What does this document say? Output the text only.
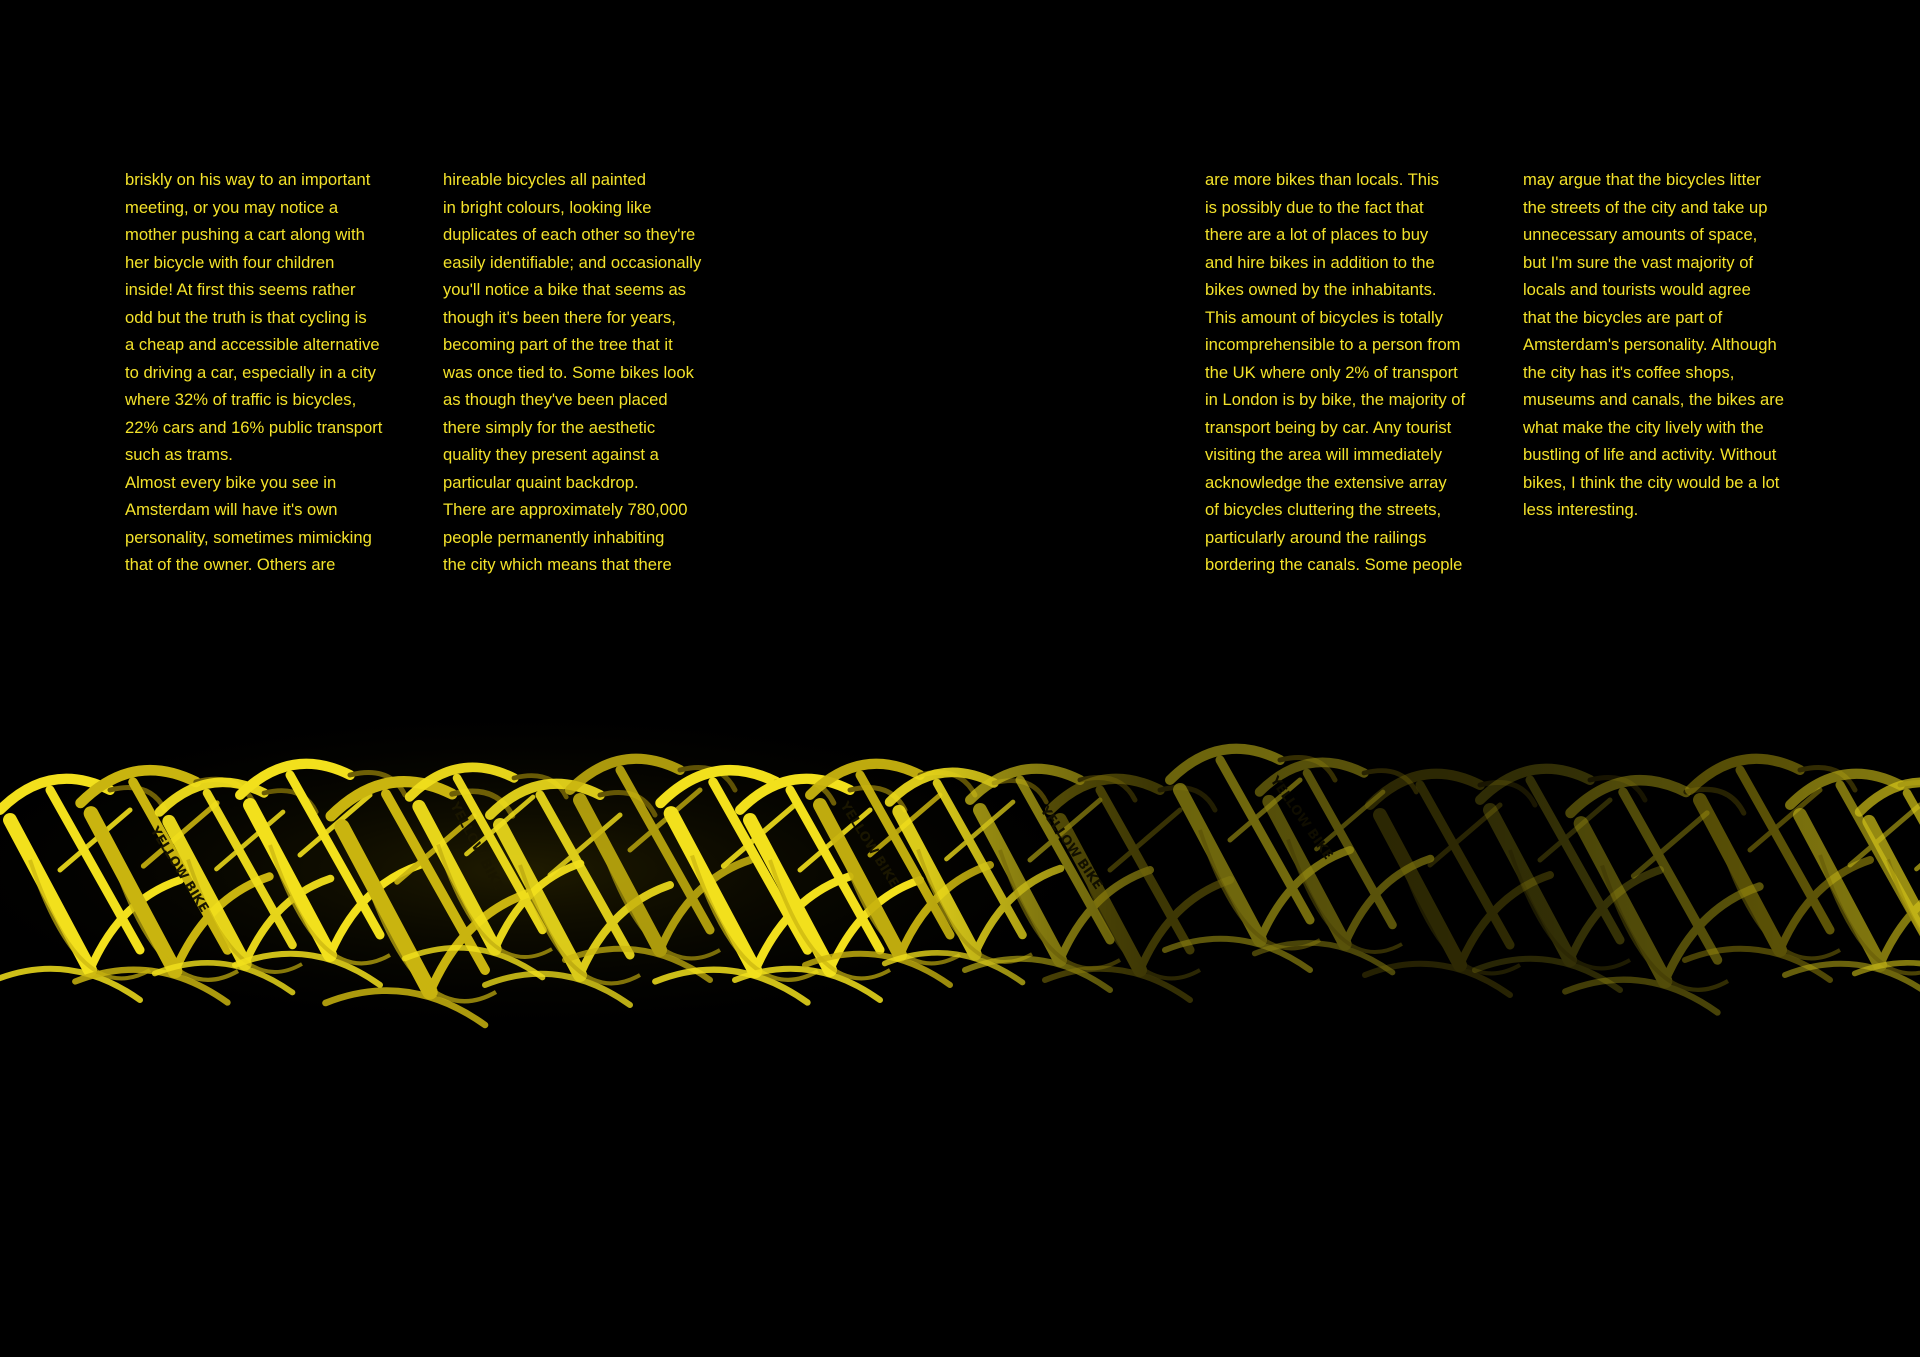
briskly on his way to an important
meeting, or you may notice a
mother pushing a cart along with
her bicycle with four children
inside! At first this seems rather
odd but the truth is that cycling is
a cheap and accessible alternative
to driving a car, especially in a city
where 32% of traffic is bicycles,
22% cars and 16% public transport
such as trams.

Almost every bike you see in
Amsterdam will have it's own
personality, sometimes mimicking
that of the owner. Others are

hireable bicycles all painted
in bright colours, looking like
duplicates of each other so they're
easily identifiable; and occasionally
you'll notice a bike that seems as
though it's been there for years,
becoming part of the tree that it
was once tied to. Some bikes look
as though they've been placed
there simply for the aesthetic
quality they present against a
particular quaint backdrop.

There are approximately 780,000
people permanently inhabiting
the city which means that there

are more bikes than locals. This
is possibly due to the fact that
there are a lot of places to buy
and hire bikes in addition to the
bikes owned by the inhabitants.
This amount of bicycles is totally
incomprehensible to a person from
the UK where only 2% of transport
in London is by bike, the majority of
transport being by car. Any tourist
visiting the area will immediately
acknowledge the extensive array
of bicycles cluttering the streets,
particularly around the railings
bordering the canals. Some people

may argue that the bicycles litter
the streets of the city and take up
unnecessary amounts of space,
but I'm sure the vast majority of
locals and tourists would agree
that the bicycles are part of
Amsterdam's personality. Although
the city has it's coffee shops,
museums and canals, the bikes are
what make the city lively with the
bustling of life and activity. Without
bikes, I think the city would be a lot
less interesting.
